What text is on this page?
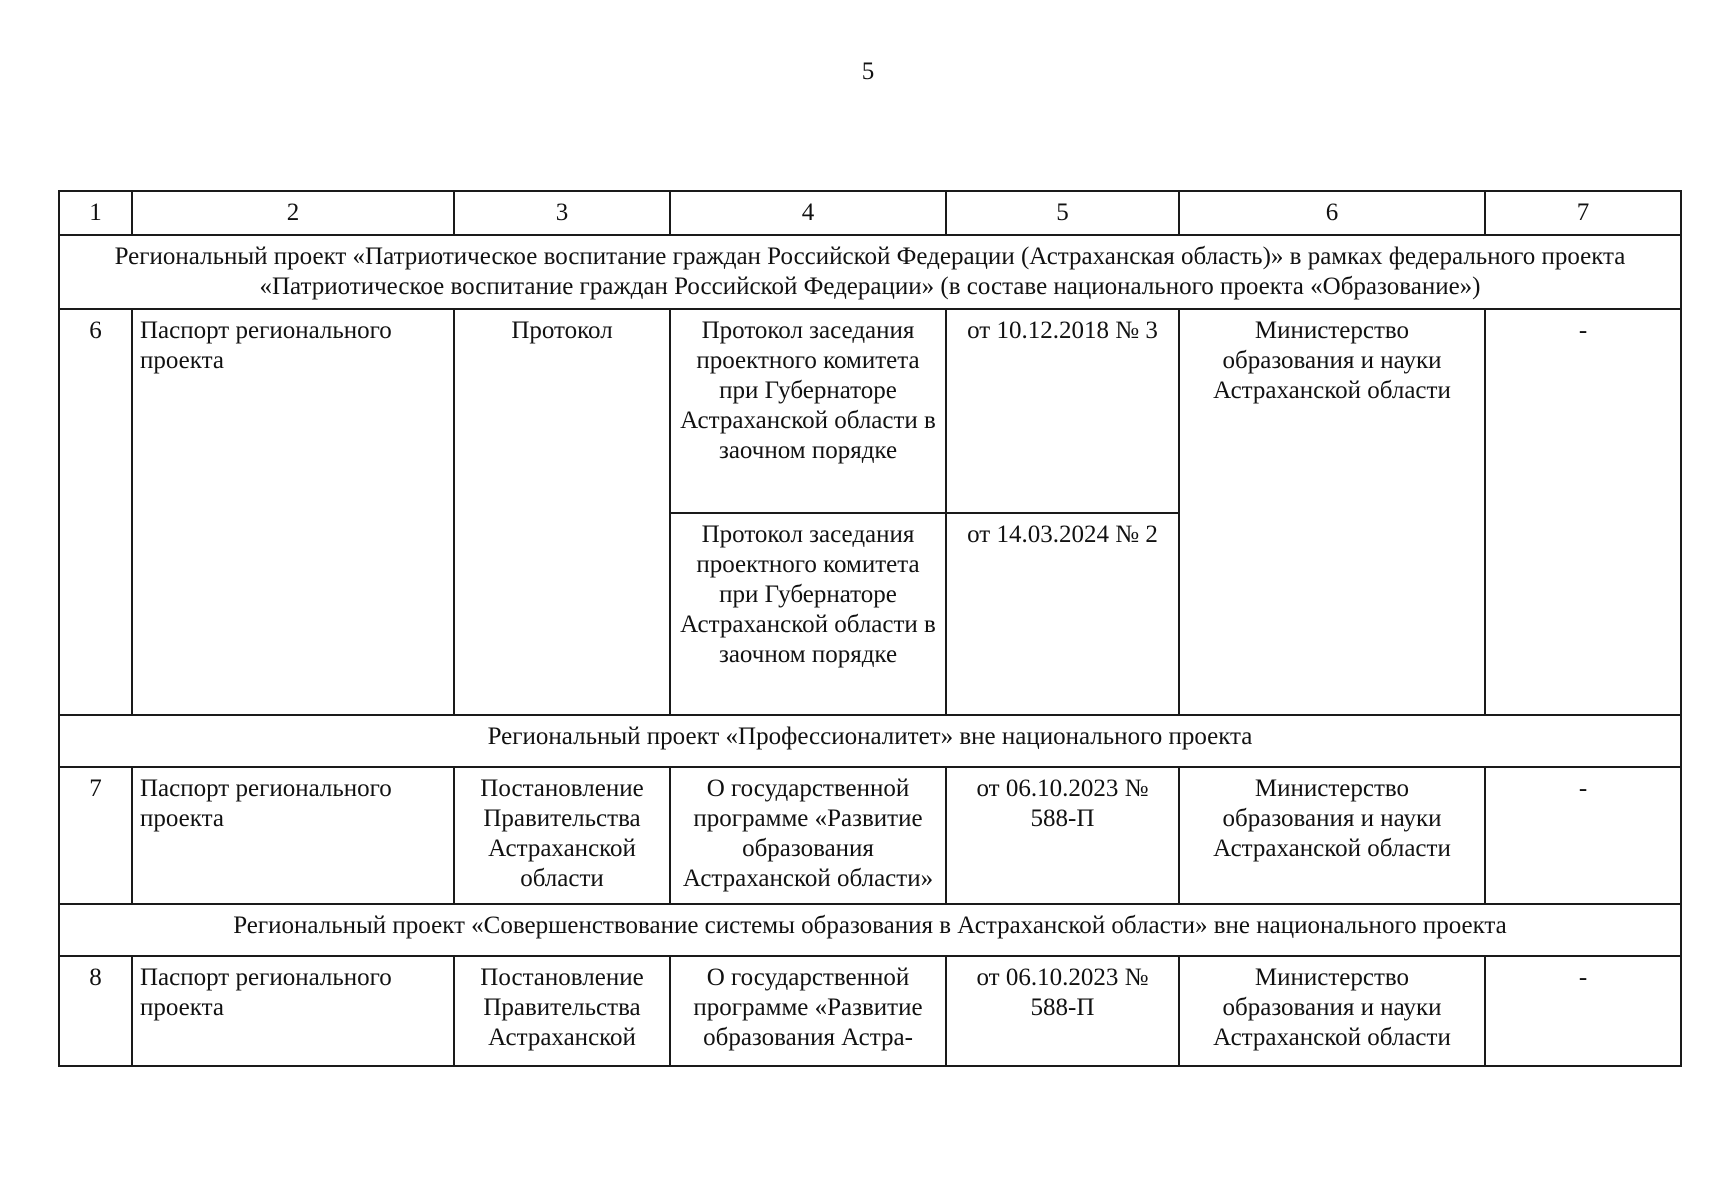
5
1	2	3	4	5	6	7
Региональный проект «Патриотическое воспитание граждан Российской Федерации (Астраханская область)» в рамках федерального проекта «Патриотическое воспитание граждан Российской Федерации» (в составе национального проекта «Образование»)						
6	Паспорт регионального проекта	Протокол	Протокол заседания проектного комитета при Губернаторе Астраханской области в заочном порядке	от 10.12.2018 № 3	Министерство образования и науки Астраханской области	-
			Протокол заседания проектного комитета при Губернаторе Астраханской области в заочном порядке	от 14.03.2024 № 2		
Региональный проект «Профессионалитет» вне национального проекта						
7	Паспорт регионального проекта	Постановление Правительства Астраханской области	О государственной программе «Развитие образования Астраханской области»	от 06.10.2023 № 588-П	Министерство образования и науки Астраханской области	-
Региональный проект «Совершенствование системы образования в Астраханской области» вне национального проекта						
8	Паспорт регионального проекта	Постановление Правительства Астраханской	О государственной программе «Развитие образования Астра-	от 06.10.2023 № 588-П	Министерство образования и науки Астраханской области	-
